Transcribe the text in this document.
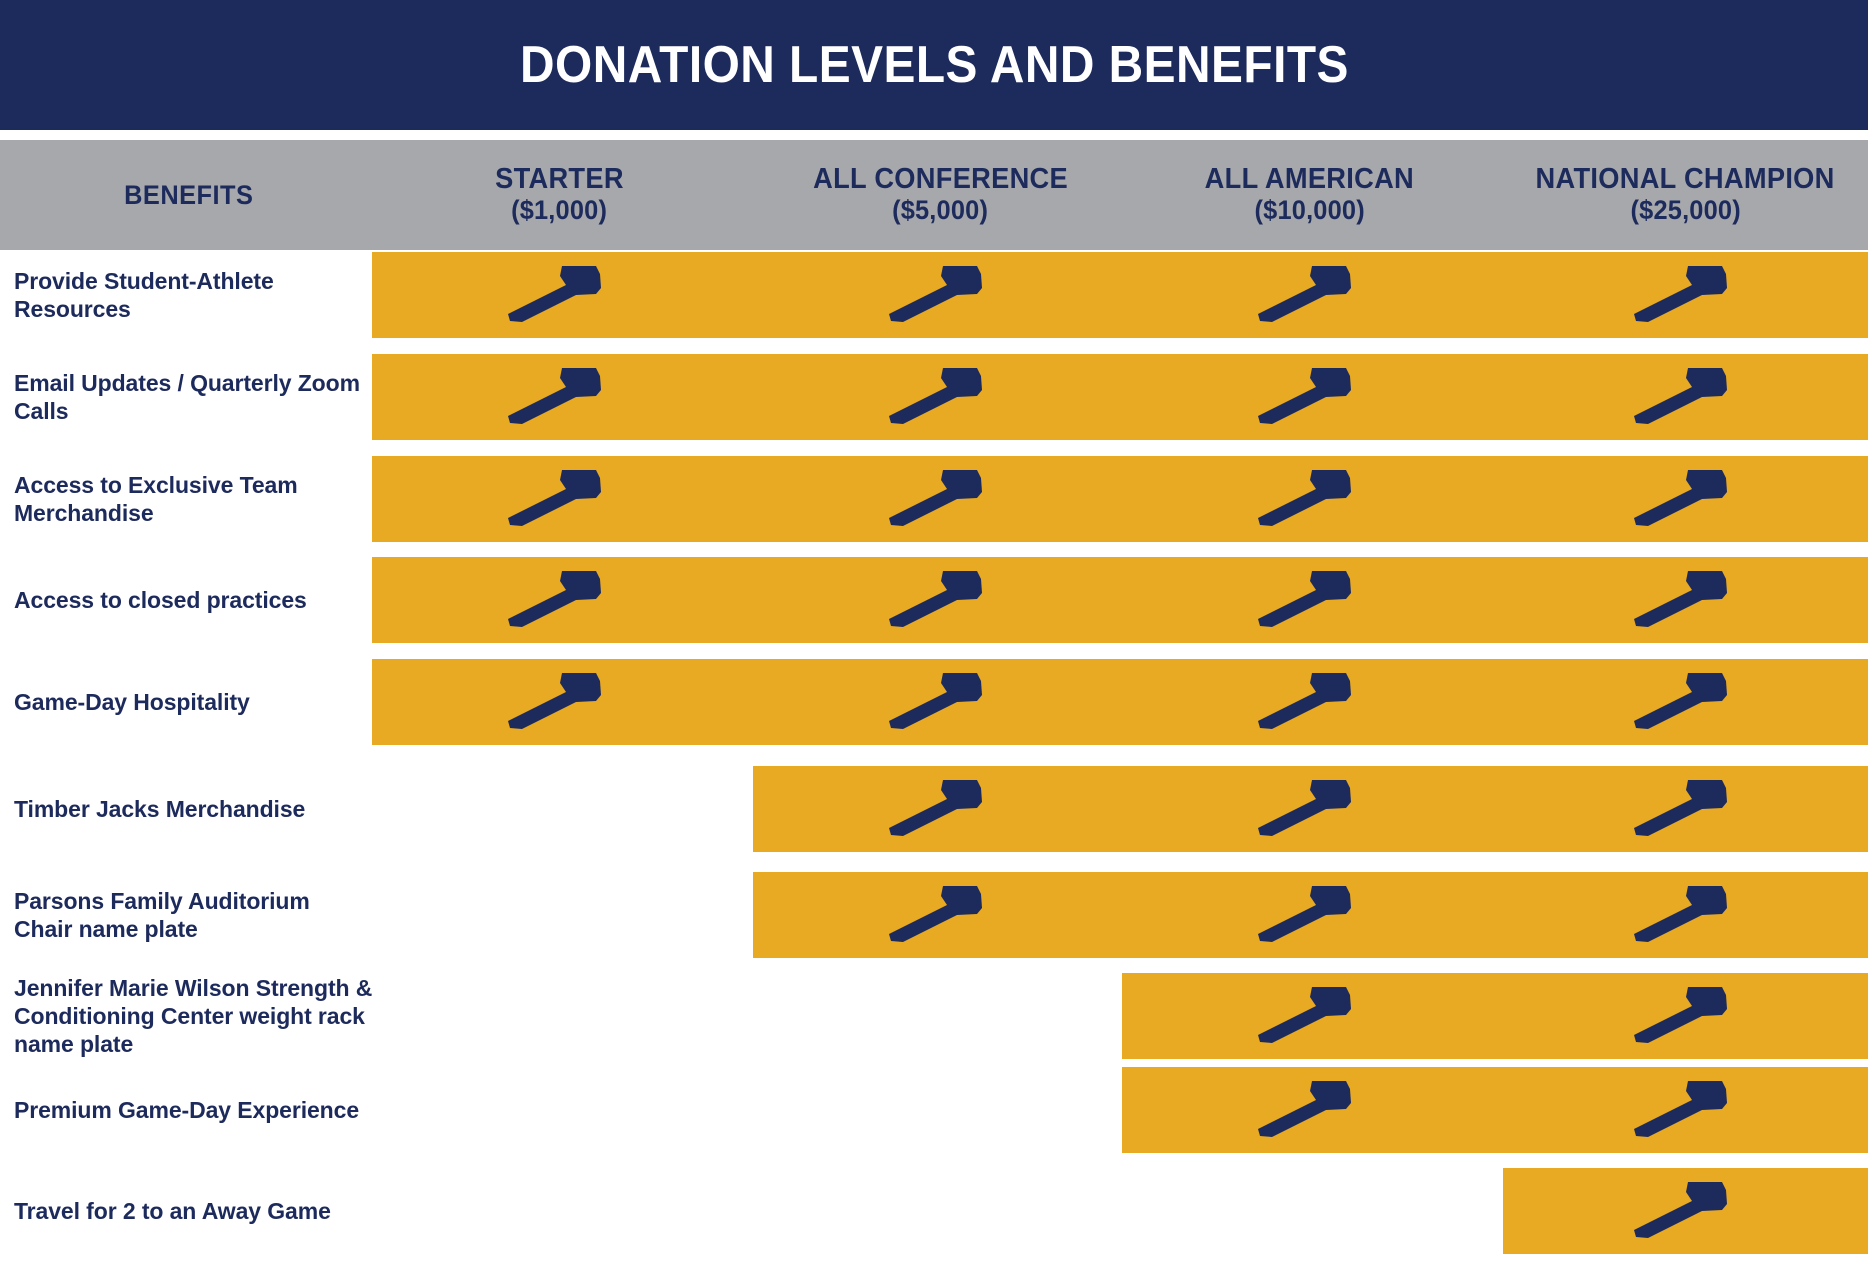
DONATION LEVELS AND BENEFITS
BENEFITS	STARTER
($1,000)
ALL CONFERENCE
($5,000)
ALL AMERICAN
($10,000)
NATIONAL CHAMPION
($25,000)
Provide Student-Athlete Resources
Email Updates / Quarterly Zoom Calls
Access to Exclusive Team Merchandise
Access to closed practices
Game-Day Hospitality
Timber Jacks Merchandise
Parsons Family Auditorium Chair name plate
Jennifer Marie Wilson Strength & Conditioning Center weight rack name plate
Premium Game-Day Experience
Travel for 2 to an Away Game
